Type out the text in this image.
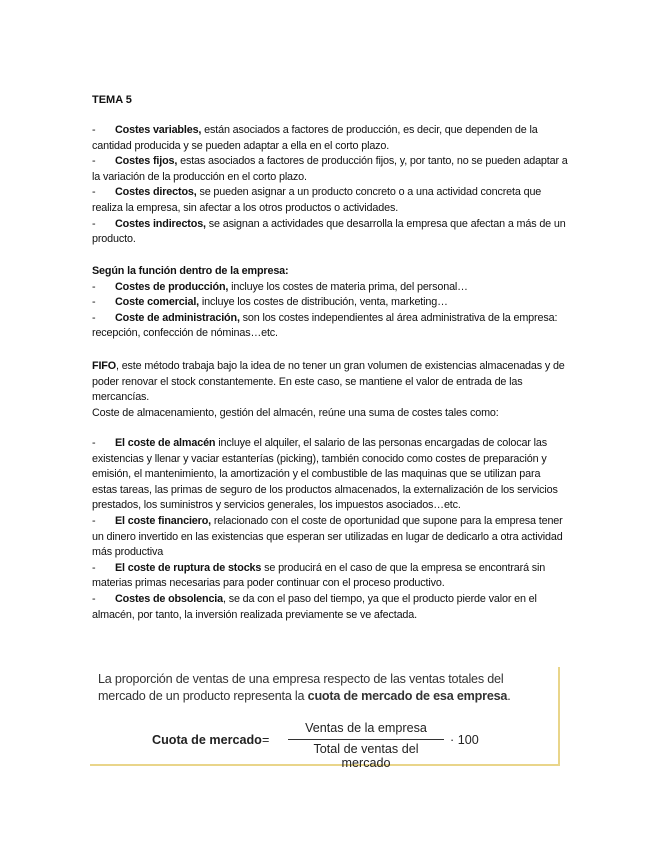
TEMA 5
- Costes variables, están asociados a factores de producción, es decir, que dependen de la cantidad producida y se pueden adaptar a ella en el corto plazo.
- Costes fijos, estas asociados a factores de producción fijos, y, por tanto, no se pueden adaptar a la variación de la producción en el corto plazo.
- Costes directos, se pueden asignar a un producto concreto o a una actividad concreta que realiza la empresa, sin afectar a los otros productos o actividades.
- Costes indirectos, se asignan a actividades que desarrolla la empresa que afectan a más de un producto.
Según la función dentro de la empresa:
- Costes de producción, incluye los costes de materia prima, del personal…
- Coste comercial, incluye los costes de distribución, venta, marketing…
- Coste de administración, son los costes independientes al área administrativa de la empresa: recepción, confección de nóminas…etc.
FIFO, este método trabaja bajo la idea de no tener un gran volumen de existencias almacenadas y de poder renovar el stock constantemente. En este caso, se mantiene el valor de entrada de las mercancías.
Coste de almacenamiento, gestión del almacén, reúne una suma de costes tales como:
- El coste de almacén incluye el alquiler, el salario de las personas encargadas de colocar las existencias y llenar y vaciar estanterías (picking), también conocido como costes de preparación y emisión, el mantenimiento, la amortización y el combustible de las maquinas que se utilizan para estas tareas, las primas de seguro de los productos almacenados, la externalización de los servicios prestados, los suministros y servicios generales, los impuestos asociados…etc.
- El coste financiero, relacionado con el coste de oportunidad que supone para la empresa tener un dinero invertido en las existencias que esperan ser utilizadas en lugar de dedicarlo a otra actividad más productiva
- El coste de ruptura de stocks se producirá en el caso de que la empresa se encontrará sin materias primas necesarias para poder continuar con el proceso productivo.
- Costes de obsolencia, se da con el paso del tiempo, ya que el producto pierde valor en el almacén, por tanto, la inversión realizada previamente se ve afectada.
La proporción de ventas de una empresa respecto de las ventas totales del mercado de un producto representa la cuota de mercado de esa empresa.
Cuota de mercado =
Ventas de la empresa
Total de ventas del mercado
· 100
